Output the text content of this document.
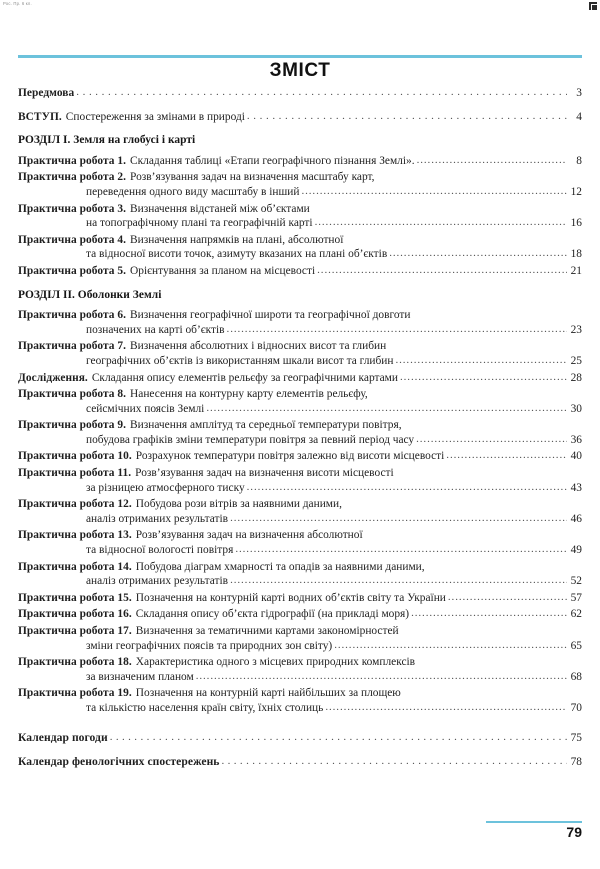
Рос. Пр. 6 кл.
ЗМІСТ
Передмова .....	3
ВСТУП. Спостереження за змінами в природі .....	4
РОЗДІЛ І. Земля на глобусі і карті
Практична робота 1. Складання таблиці «Етапи географічного пізнання Землі». .....	8
Практична робота 2. Розв’язування задач на визначення масштабу карт,
переведення одного виду масштабу в інший .....	12
Практична робота 3. Визначення відстаней між об’єктами
на топографічному плані та географічній карті .....	16
Практична робота 4. Визначення напрямків на плані, абсолютної
та відносної висоти точок, азимуту вказаних на плані об’єктів .....	18
Практична робота 5. Орієнтування за планом на місцевості .....	21
РОЗДІЛ ІІ. Оболонки Землі
Практична робота 6. Визначення географічної широти та географічної довготи
позначених на карті об’єктів .....	23
Практична робота 7. Визначення абсолютних і відносних висот та глибин
географічних об’єктів із використанням шкали висот та глибин .....	25
Дослідження. Складання опису елементів рельєфу за географічними картами .....	28
Практична робота 8. Нанесення на контурну карту елементів рельєфу,
сейсмічних поясів Землі .....	30
Практична робота 9. Визначення амплітуд та середньої температури повітря,
побудова графіків зміни температури повітря за певний період часу .....	36
Практична робота 10. Розрахунок температури повітря залежно від висоти місцевості .....	40
Практична робота 11. Розв’язування задач на визначення висоти місцевості
за різницею атмосферного тиску .....	43
Практична робота 12. Побудова рози вітрів за наявними даними,
аналіз отриманих результатів .....	46
Практична робота 13. Розв’язування задач на визначення абсолютної
та відносної вологості повітря .....	49
Практична робота 14. Побудова діаграм хмарності та опадів за наявними даними,
аналіз отриманих результатів .....	52
Практична робота 15. Позначення на контурній карті водних об’єктів світу та України .....	57
Практична робота 16. Складання опису об’єкта гідрографії (на прикладі моря) .....	62
Практична робота 17. Визначення за тематичними картами закономірностей
зміни географічних поясів та природних зон світу) .....	65
Практична робота 18. Характеристика одного з місцевих природних комплексів
за визначеним планом .....	68
Практична робота 19. Позначення на контурній карті найбільших за площею
та кількістю населення країн світу, їхніх столиць .....	70
Календар погоди .....	75
Календар фенологічних спостережень .....	78
79
